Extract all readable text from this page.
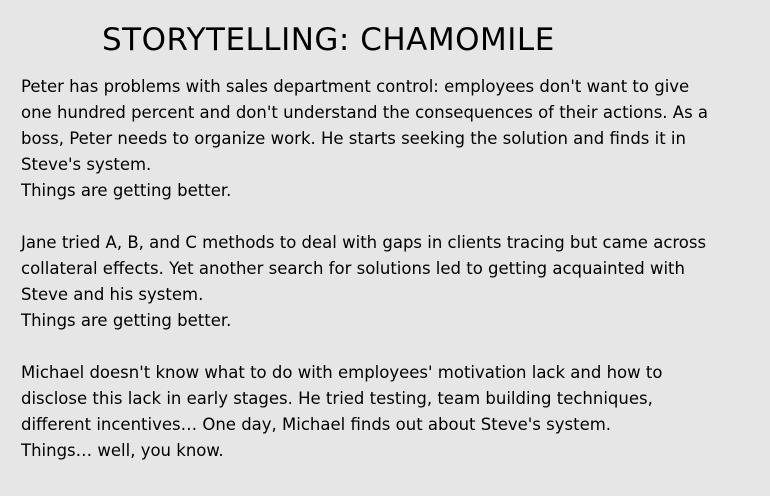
STORYTELLING: CHAMOMILE
Peter has problems with sales department control: employees don't want to give
one hundred percent and don't understand the consequences of their actions. As a
boss, Peter needs to organize work. He starts seeking the solution and finds it in
Steve's system.
Things are getting better.
Jane tried A, B, and C methods to deal with gaps in clients tracing but came across
collateral effects. Yet another search for solutions led to getting acquainted with
Steve and his system.
Things are getting better.
Michael doesn't know what to do with employees' motivation lack and how to
disclose this lack in early stages. He tried testing, team building techniques,
different incentives… One day, Michael finds out about Steve's system.
Things… well, you know.
